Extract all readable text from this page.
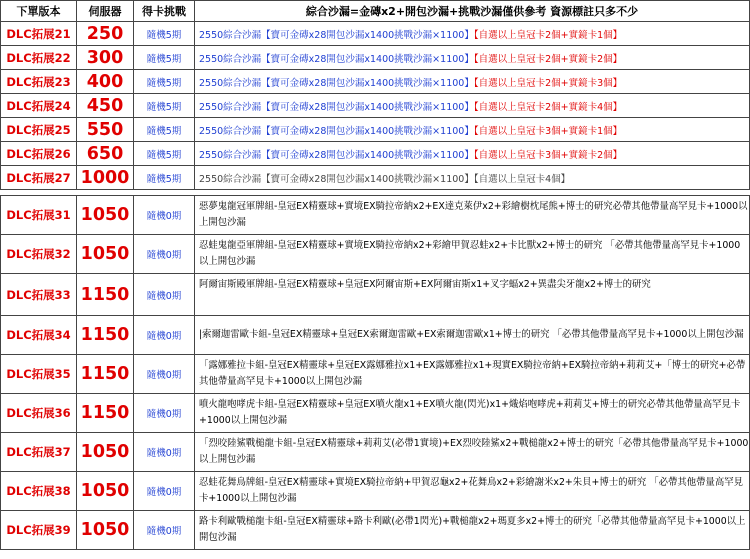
下單版本	伺服器	得卡挑戰	綜合沙漏=金磚x2+開包沙漏+挑戰沙漏僅供參考 資源標註只多不少
DLC拓展21	250	隨機5期	2550綜合沙漏【寶可金磚x28開包沙漏x1400挑戰沙漏×1100】【自選以上皇冠卡2個+實鏡卡1個】
DLC拓展22	300	隨機5期	2550綜合沙漏【寶可金磚x28開包沙漏x1400挑戰沙漏×1100】【自選以上皇冠卡2個+實鏡卡2個】
DLC拓展23	400	隨機5期	2550綜合沙漏【寶可金磚x28開包沙漏x1400挑戰沙漏×1100】【自選以上皇冠卡2個+實鏡卡3個】
DLC拓展24	450	隨機5期	2550綜合沙漏【寶可金磚x28開包沙漏x1400挑戰沙漏×1100】【自選以上皇冠卡2個+實鏡卡4個】
DLC拓展25	550	隨機5期	2550綜合沙漏【寶可金磚x28開包沙漏x1400挑戰沙漏×1100】【自選以上皇冠卡3個+實鏡卡1個】
DLC拓展26	650	隨機5期	2550綜合沙漏【寶可金磚x28開包沙漏x1400挑戰沙漏×1100】【自選以上皇冠卡3個+實鏡卡2個】
DLC拓展27	1000	隨機5期	2550綜合沙漏【寶可金磚x28開包沙漏x1400挑戰沙漏×1100】【自選以上皇冠卡4個】

DLC拓展31	1050	隨機0期	惡夢鬼龍冠軍牌組-皇冠EX精靈球+實境EX騎拉帝納x2+EX達克萊伊x2+彩繪樹枕尾熊+博士的研究必帶其他帶量高罕見卡+1000以上開包沙漏
DLC拓展32	1050	隨機0期	忍蛙鬼龍亞軍牌組-皇冠EX精靈球+實境EX騎拉帝納x2+彩繪甲賀忍蛙x2+卡比獸x2+博士的研究 「必帶其他帶量高罕見卡+1000以上開包沙漏
DLC拓展33	1150	隨機0期	阿爾宙斯殿軍牌組-皇冠EX精靈球+皇冠EX阿爾宙斯+EX阿爾宙斯x1+叉字蝠x2+異盡尖牙龍x2+博士的研究
DLC拓展34	1150	隨機0期	|索爾迦雷歐卡組-皇冠EX精靈球+皇冠EX索爾迦雷歐+EX索爾迦雷歐x1+博士的研究 「必帶其他帶量高罕見卡+1000以上開包沙漏
DLC拓展35	1150	隨機0期	「露娜雅拉卡組-皇冠EX精靈球+皇冠EX露娜雅拉x1+EX露娜雅拉x1+現實EX騎拉帝納+EX騎拉帝納+莉莉艾+「博士的研究+必帶其他帶量高罕見卡+1000以上開包沙漏
DLC拓展36	1150	隨機0期	噴火龍咆哮虎卡組-皇冠EX精靈球+皇冠EX噴火龍x1+EX噴火龍(閃光)x1+熾焰咆哮虎+莉莉艾+博士的研究必帶其他帶量高罕見卡+1000以上開包沙漏
DLC拓展37	1050	隨機0期	「烈咬陸鯊戰槌龍卡組-皇冠EX精靈球+莉莉艾(必帶1實境)+EX烈咬陸鯊x2+戰槌龍x2+博士的研究「必帶其他帶量高罕見卡+1000以上開包沙漏
DLC拓展38	1050	隨機0期	忍蛙花舞鳥牌組-皇冠EX精靈球+實境EX騎拉帝納+甲賀忍龜x2+花舞鳥x2+彩繪謝米x2+朱貝+博士的研究 「必帶其他帶量高罕見卡+1000以上開包沙漏
DLC拓展39	1050	隨機0期	路卡利歐戰槌龍卡組-皇冠EX精靈球+路卡利歐(必帶1閃光)+戰槌龍x2+瑪夏多x2+博士的研究「必帶其他帶量高罕見卡+1000以上開包沙漏
